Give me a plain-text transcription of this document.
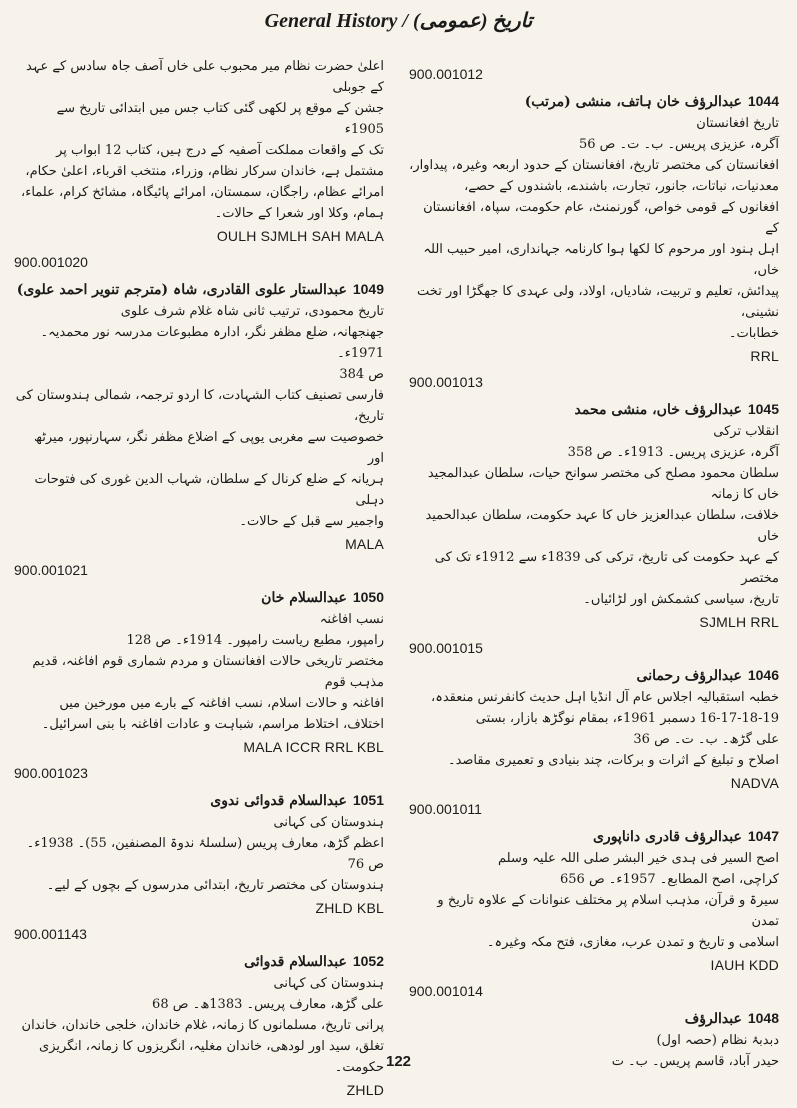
General History / (عمومی) تاریخ
900.001012
1044عبدالرؤف خان ہاتف، منشی (مرتب)
تاریخ افغانستان
آگرہ، عزیزی پریس۔ ب۔ ت۔ ص 56
افغانستان کی مختصر تاریخ، افغانستان کے حدود اربعہ وغیرہ، پیداوار،
معدنیات، نباتات، جانور، تجارت، باشندے، باشندوں کے حصے،
افغانوں کے قومی خواص، گورنمنٹ، عام حکومت، سپاہ، افغانستان کے
اہل ہنود اور مرحوم کا لکھا ہوا کارنامہ جہانداری، امیر حبیب اللہ خاں،
پیدائش، تعلیم و تربیت، شادیاں، اولاد، ولی عہدی کا جھگڑا اور تخت نشینی،
خطابات۔
RRL
900.001013
1045عبدالرؤف خاں، منشی محمد
انقلاب ترکی
آگرہ، عزیزی پریس۔ 1913ء۔ ص 358
سلطان محمود مصلح کی مختصر سوانح حیات، سلطان عبدالمجید خاں کا زمانہ
خلافت، سلطان عبدالعزیز خاں کا عہد حکومت، سلطان عبدالحمید خاں
کے عہد حکومت کی تاریخ، ترکی کی 1839ء سے 1912ء تک کی مختصر
تاریخ، سیاسی کشمکش اور لڑائیاں۔
SJMLH RRL
900.001015
1046عبدالرؤف رحمانی
خطبہ استقبالیہ اجلاس عام آل انڈیا اہل حدیث کانفرنس منعقدہ،
16-17-18-19 دسمبر 1961ء، بمقام نوگڑھ بازار، بستی
علی گڑھ۔ ب۔ ت۔ ص 36
اصلاح و تبلیغ کے اثرات و برکات، چند بنیادی و تعمیری مقاصد۔
NADVA
900.001011
1047عبدالرؤف قادری داناپوری
اصح السیر فی ہدی خیر البشر صلی اللہ علیہ وسلم
کراچی، اصح المطابع۔ 1957ء۔ ص 656
سیرۃ و قرآن، مذہب اسلام پر مختلف عنوانات کے علاوہ تاریخ و تمدن
اسلامی و تاریخ و تمدن عرب، مغازی، فتح مکہ وغیرہ۔
IAUH KDD
900.001014
1048عبدالرؤف
دبدبۂ نظام (حصہ اول)
حیدر آباد، قاسم پریس۔ ب۔ ت
اعلیٰ حضرت نظام میر محبوب علی خاں آصف جاہ سادس کے عہد کے جوبلی
جشن کے موقع پر لکھی گئی کتاب جس میں ابتدائی تاریخ سے 1905ء
تک کے واقعات مملکت آصفیہ کے درج ہیں، کتاب 12 ابواب پر
مشتمل ہے، خاندان سرکار نظام، وزراء، منتخب اقرباء، اعلیٰ حکام،
امرائے عظام، راجگان، سمستان، امرائے پائیگاہ، مشائخ کرام، علماء،
ہمام، وکلا اور شعرا کے حالات۔
OULH SJMLH SAH MALA
900.001020
1049عبدالستار علوی القادری، شاہ (مترجم تنویر احمد علوی)
تاریخ محمودی، ترتیب ثانی شاہ غلام شرف علوی
جھنجھانہ، ضلع مظفر نگر، ادارہ مطبوعات مدرسہ نور محمدیہ۔ 1971ء۔
ص 384
فارسی تصنیف کتاب الشہادت، کا اردو ترجمہ، شمالی ہندوستان کی تاریخ،
خصوصیت سے مغربی یوپی کے اضلاع مظفر نگر، سہارنپور، میرٹھ اور
ہریانہ کے ضلع کرنال کے سلطان، شہاب الدین غوری کی فتوحات دہلی
واجمیر سے قبل کے حالات۔
MALA
900.001021
1050عبدالسلام خان
نسب افاغنہ
رامپور، مطبع ریاست رامپور۔ 1914ء۔ ص 128
مختصر تاریخی حالات افغانستان و مردم شماری قوم افاغنہ، قدیم مذہب قوم
افاغنہ و حالات اسلام، نسب افاغنہ کے بارے میں مورخین میں
اختلاف، اختلاط مراسم، شباہت و عادات افاغنہ با بنی اسرائیل۔
MALA ICCR RRL KBL
900.001023
1051عبدالسلام قدوائی ندوی
ہندوستان کی کہانی
اعظم گڑھ، معارف پریس (سلسلۂ ندوۃ المصنفین، 55)۔ 1938ء۔
ص 76
ہندوستان کی مختصر تاریخ، ابتدائی مدرسوں کے بچوں کے لیے۔
ZHLD KBL
900.001143
1052عبدالسلام قدوائی
ہندوستان کی کہانی
علی گڑھ، معارف پریس۔ 1383ھ۔ ص 68
پرانی تاریخ، مسلمانوں کا زمانہ، غلام خاندان، خلجی خاندان، خاندان
تغلق، سید اور لودھی، خاندان مغلیہ، انگریزوں کا زمانہ، انگریزی حکومت۔
ZHLD
122
